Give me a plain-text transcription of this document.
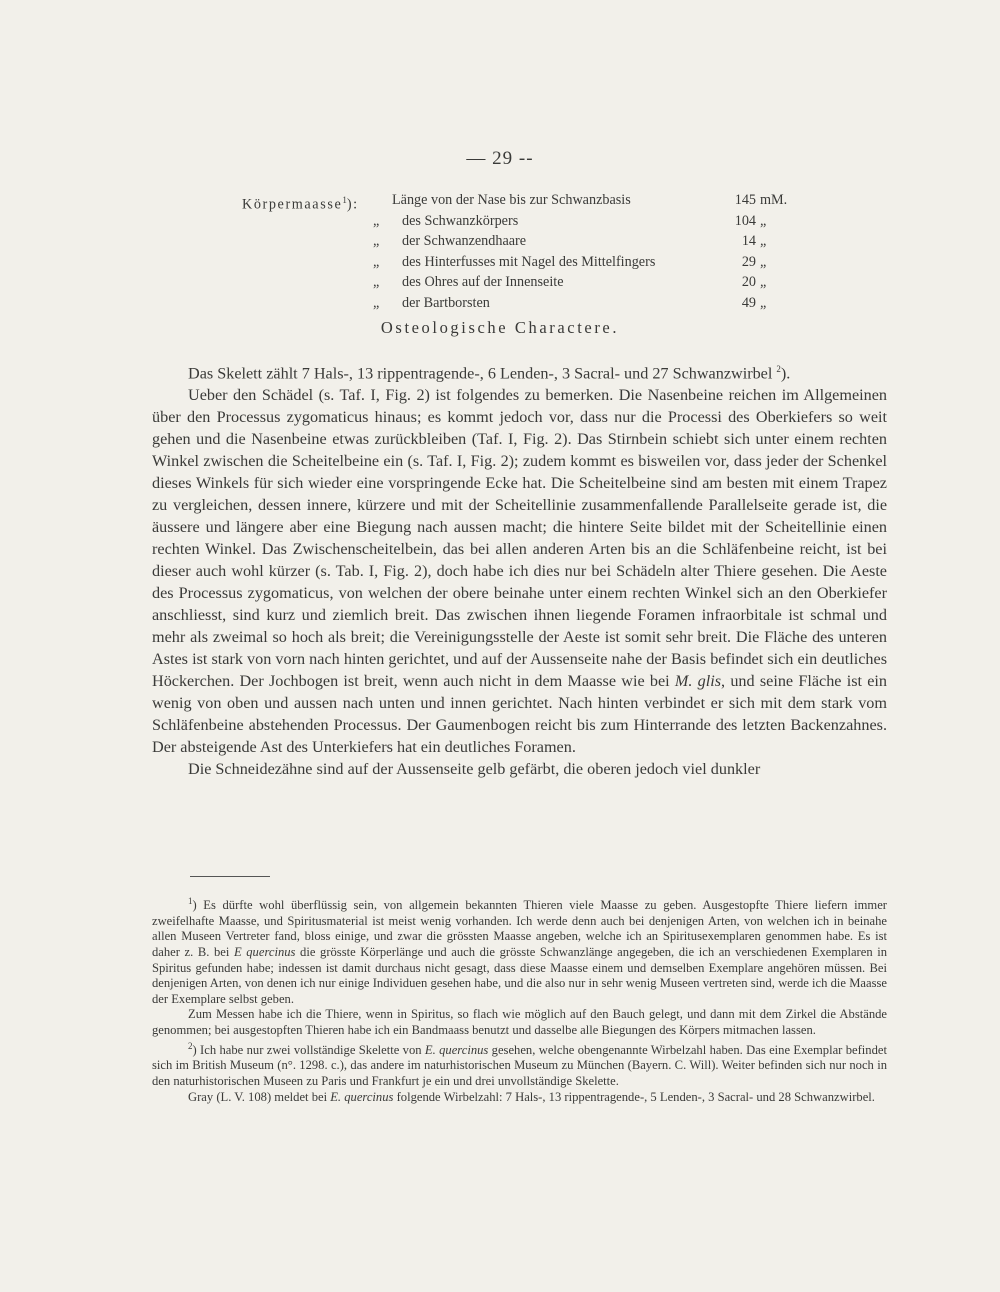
— 29 --
Körpermaasse$^1$): Länge von der Nase bis zur Schwanzbasis	145 mM.
„ des Schwanzkörpers	104 „
„ der Schwanzendhaare	14 „
„ des Hinterfusses mit Nagel des Mittelfingers	29 „
„ des Ohres auf der Innenseite	20 „
„ der Bartborsten	49 „
Osteologische Charactere.

Das Skelett zählt 7 Hals-, 13 rippentragende-, 6 Lenden-, 3 Sacral- und 27 Schwanzwirbel $^2$).

Ueber den Schädel (s. Taf. I, Fig. 2) ist folgendes zu bemerken. Die Nasenbeine reichen im Allgemeinen über den Processus zygomaticus hinaus; es kommt jedoch vor, dass nur die Processi des Oberkiefers so weit gehen und die Nasenbeine etwas zurückbleiben (Taf. I, Fig. 2). Das Stirnbein schiebt sich unter einem rechten Winkel zwischen die Scheitelbeine ein (s. Taf. I, Fig. 2); zudem kommt es bisweilen vor, dass jeder der Schenkel dieses Winkels für sich wieder eine vorspringende Ecke hat. Die Scheitelbeine sind am besten mit einem Trapez zu vergleichen, dessen innere, kürzere und mit der Scheitellinie zusammenfallende Parallelseite gerade ist, die äussere und längere aber eine Biegung nach aussen macht; die hintere Seite bildet mit der Scheitellinie einen rechten Winkel. Das Zwischenscheitelbein, das bei allen anderen Arten bis an die Schläfenbeine reicht, ist bei dieser auch wohl kürzer (s. Tab. I, Fig. 2), doch habe ich dies nur bei Schädeln alter Thiere gesehen. Die Aeste des Processus zygomaticus, von welchen der obere beinahe unter einem rechten Winkel sich an den Oberkiefer anschliesst, sind kurz und ziemlich breit. Das zwischen ihnen liegende Foramen infraorbitale ist schmal und mehr als zweimal so hoch als breit; die Vereinigungsstelle der Aeste ist somit sehr breit. Die Fläche des unteren Astes ist stark von vorn nach hinten gerichtet, und auf der Aussenseite nahe der Basis befindet sich ein deutliches Höckerchen. Der Jochbogen ist breit, wenn auch nicht in dem Maasse wie bei M. glis, und seine Fläche ist ein wenig von oben und aussen nach unten und innen gerichtet. Nach hinten verbindet er sich mit dem stark vom Schläfenbeine abstehenden Processus. Der Gaumenbogen reicht bis zum Hinterrande des letzten Backenzahnes. Der absteigende Ast des Unterkiefers hat ein deutliches Foramen.

Die Schneidezähne sind auf der Aussenseite gelb gefärbt, die oberen jedoch viel dunkler

$^1$) Es dürfte wohl überflüssig sein, von allgemein bekannten Thieren viele Maasse zu geben. Ausgestopfte Thiere liefern immer zweifelhafte Maasse, und Spiritusmaterial ist meist wenig vorhanden. Ich werde denn auch bei denjenigen Arten, von welchen ich in beinahe allen Museen Vertreter fand, bloss einige, und zwar die grössten Maasse angeben, welche ich an Spiritusexemplaren genommen habe. Es ist daher z. B. bei E quercinus die grösste Körperlänge und auch die grösste Schwanzlänge angegeben, die ich an verschiedenen Exemplaren in Spiritus gefunden habe; indessen ist damit durchaus nicht gesagt, dass diese Maasse einem und demselben Exemplare angehören müssen. Bei denjenigen Arten, von denen ich nur einige Individuen gesehen habe, und die also nur in sehr wenig Museen vertreten sind, werde ich die Maasse der Exemplare selbst geben.

Zum Messen habe ich die Thiere, wenn in Spiritus, so flach wie möglich auf den Bauch gelegt, und dann mit dem Zirkel die Abstände genommen; bei ausgestopften Thieren habe ich ein Bandmaass benutzt und dasselbe alle Biegungen des Körpers mitmachen lassen.

$^2$) Ich habe nur zwei vollständige Skelette von E. quercinus gesehen, welche obengenannte Wirbelzahl haben. Das eine Exemplar befindet sich im British Museum (n°. 1298. c.), das andere im naturhistorischen Museum zu München (Bayern. C. Will). Weiter befinden sich nur noch in den naturhistorischen Museen zu Paris und Frankfurt je ein und drei unvollständige Skelette.

Gray (L. V. 108) meldet bei E. quercinus folgende Wirbelzahl: 7 Hals-, 13 rippentragende-, 5 Lenden-, 3 Sacral- und 28 Schwanzwirbel.
